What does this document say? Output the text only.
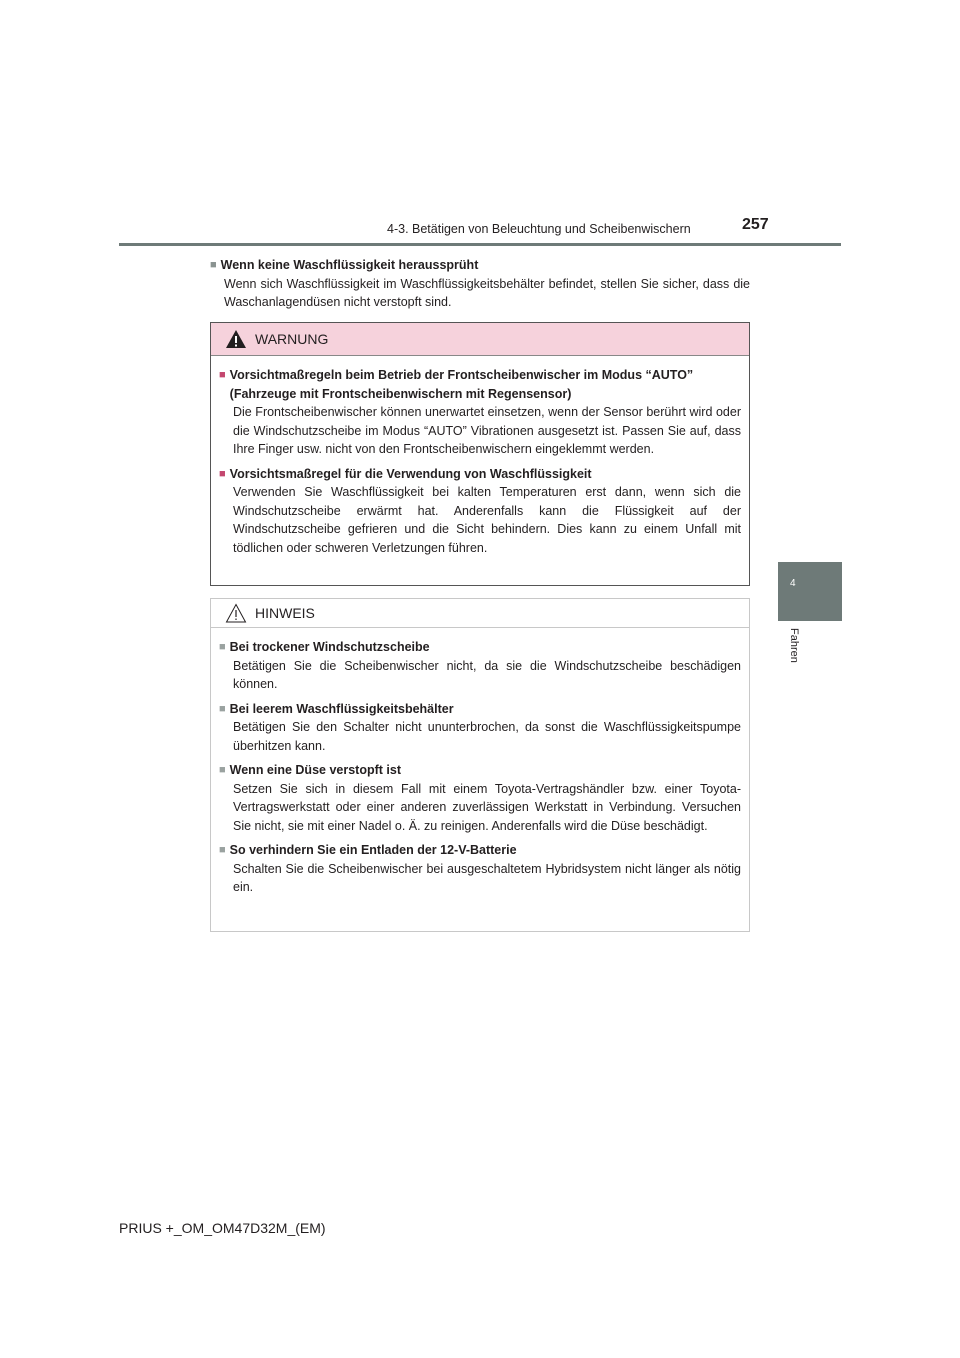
4-3. Betätigen von Beleuchtung und Scheibenwischern	257
4
Fahren
■ Wenn keine Waschflüssigkeit heraussprüht
Wenn sich Waschflüssigkeit im Waschflüssigkeitsbehälter befindet, stellen Sie sicher, dass die Waschanlagendüsen nicht verstopft sind.
WARNUNG
■ Vorsichtmaßregeln beim Betrieb der Frontscheibenwischer im Modus “AUTO” (Fahrzeuge mit Frontscheibenwischern mit Regensensor)
Die Frontscheibenwischer können unerwartet einsetzen, wenn der Sensor berührt wird oder die Windschutzscheibe im Modus “AUTO” Vibrationen ausgesetzt ist. Passen Sie auf, dass Ihre Finger usw. nicht von den Frontscheibenwischern eingeklemmt werden.
■ Vorsichtsmaßregel für die Verwendung von Waschflüssigkeit
Verwenden Sie Waschflüssigkeit bei kalten Temperaturen erst dann, wenn sich die Windschutzscheibe erwärmt hat. Anderenfalls kann die Flüssigkeit auf der Windschutzscheibe gefrieren und die Sicht behindern. Dies kann zu einem Unfall mit tödlichen oder schweren Verletzungen führen.
HINWEIS
■ Bei trockener Windschutzscheibe
Betätigen Sie die Scheibenwischer nicht, da sie die Windschutzscheibe beschädigen können.
■ Bei leerem Waschflüssigkeitsbehälter
Betätigen Sie den Schalter nicht ununterbrochen, da sonst die Waschflüssigkeitspumpe überhitzen kann.
■ Wenn eine Düse verstopft ist
Setzen Sie sich in diesem Fall mit einem Toyota-Vertragshändler bzw. einer Toyota-Vertragswerkstatt oder einer anderen zuverlässigen Werkstatt in Verbindung. Versuchen Sie nicht, sie mit einer Nadel o. Ä. zu reinigen. Anderenfalls wird die Düse beschädigt.
■ So verhindern Sie ein Entladen der 12-V-Batterie
Schalten Sie die Scheibenwischer bei ausgeschaltetem Hybridsystem nicht länger als nötig ein.
PRIUS +_OM_OM47D32M_(EM)
